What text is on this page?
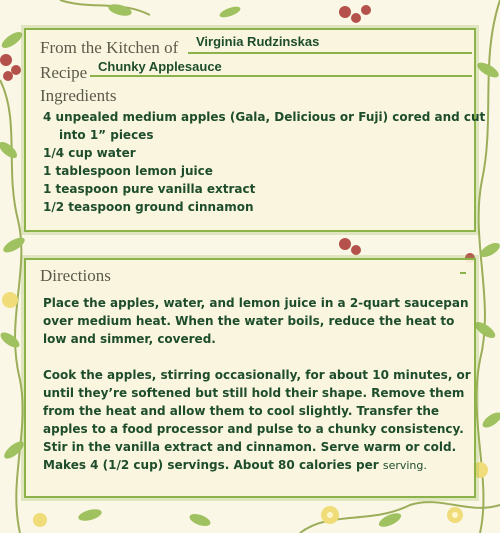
From the Kitchen of Virginia Rudzinskas
Recipe Chunky Applesauce
Ingredients
4 unpealed medium apples (Gala, Delicious or Fuji) cored and cut
into 1” pieces
1/4 cup water
1 tablespoon lemon juice
1 teaspoon pure vanilla extract
1/2 teaspoon ground cinnamon
Directions

Place the apples, water, and lemon juice in a 2-quart saucepan over medium heat. When the water boils, reduce the heat to low and simmer, covered.

Cook the apples, stirring occasionally, for about 10 minutes, or until they’re softened but still hold their shape. Remove them from the heat and allow them to cool slightly. Transfer the apples to a food processor and pulse to a chunky consistency. Stir in the vanilla extract and cinnamon. Serve warm or cold.

Makes 4 (1/2 cup) servings. About 80 calories per serving.
